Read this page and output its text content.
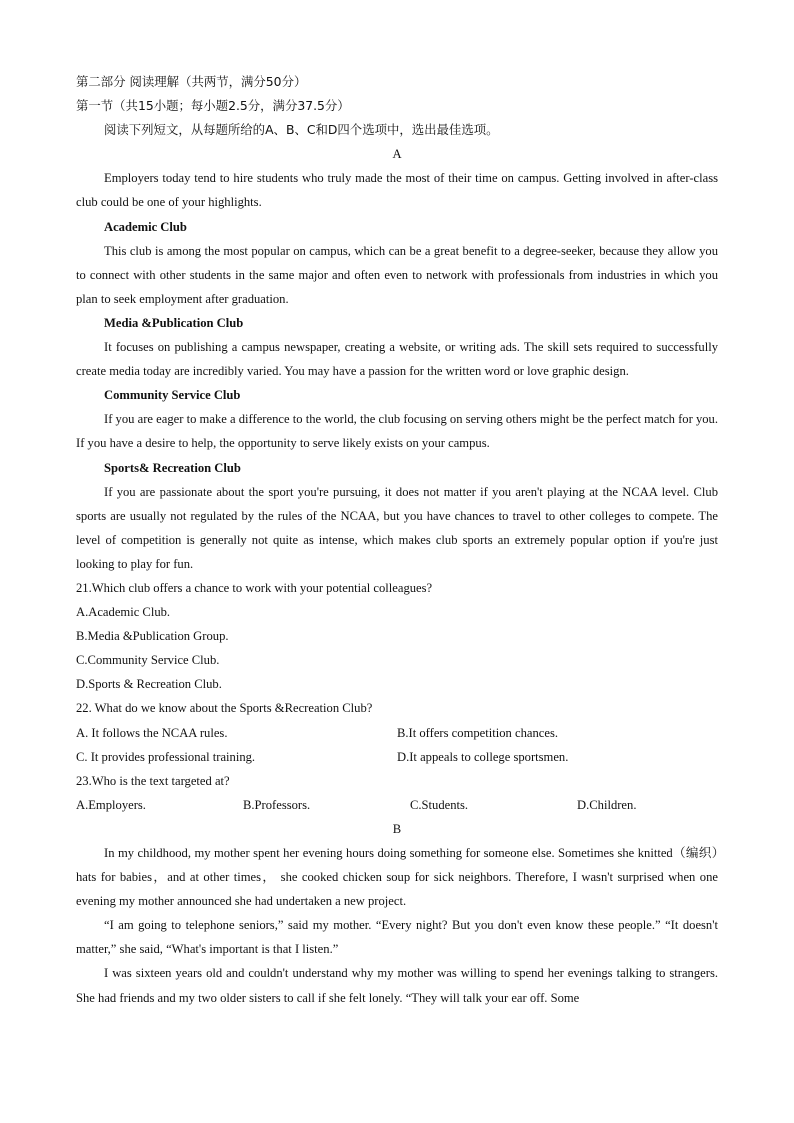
第二部分 阅读理解（共两节，满分50分）
第一节（共15小题；每小题2.5分，满分37.5分）
阅读下列短文，从每题所给的A、B、C和D四个选项中，选出最佳选项。
A
Employers today tend to hire students who truly made the most of their time on campus. Getting involved in after-class club could be one of your highlights.
Academic Club
This club is among the most popular on campus, which can be a great benefit to a degree-seeker, because they allow you to connect with other students in the same major and often even to network with professionals from industries in which you plan to seek employment after graduation.
Media &Publication Club
It focuses on publishing a campus newspaper, creating a website, or writing ads. The skill sets required to successfully create media today are incredibly varied. You may have a passion for the written word or love graphic design.
Community Service Club
If you are eager to make a difference to the world, the club focusing on serving others might be the perfect match for you. If you have a desire to help, the opportunity to serve likely exists on your campus.
Sports& Recreation Club
If you are passionate about the sport you're pursuing, it does not matter if you aren't playing at the NCAA level. Club sports are usually not regulated by the rules of the NCAA, but you have chances to travel to other colleges to compete. The level of competition is generally not quite as intense, which makes club sports an extremely popular option if you're just looking to play for fun.
21.Which club offers a chance to work with your potential colleagues?
A.Academic Club.
B.Media &Publication Group.
C.Community Service Club.
D.Sports & Recreation Club.
22. What do we know about the Sports &Recreation Club?
A. It follows the NCAA rules.	B.It offers competition chances.
C. It provides professional training.	D.It appeals to college sportsmen.
23.Who is the text targeted at?
A.Employers.	B.Professors.	C.Students.	D.Children.
B
In my childhood, my mother spent her evening hours doing something for someone else. Sometimes she knitted（编织）hats for babies，and at other times， she cooked chicken soup for sick neighbors. Therefore, I wasn't surprised when one evening my mother announced she had undertaken a new project.
“I am going to telephone seniors,” said my mother. “Every night? But you don't even know these people.” “It doesn't matter,” she said, “What's important is that I listen.”
I was sixteen years old and couldn't understand why my mother was willing to spend her evenings talking to strangers. She had friends and my two older sisters to call if she felt lonely. “They will talk your ear off. Some
